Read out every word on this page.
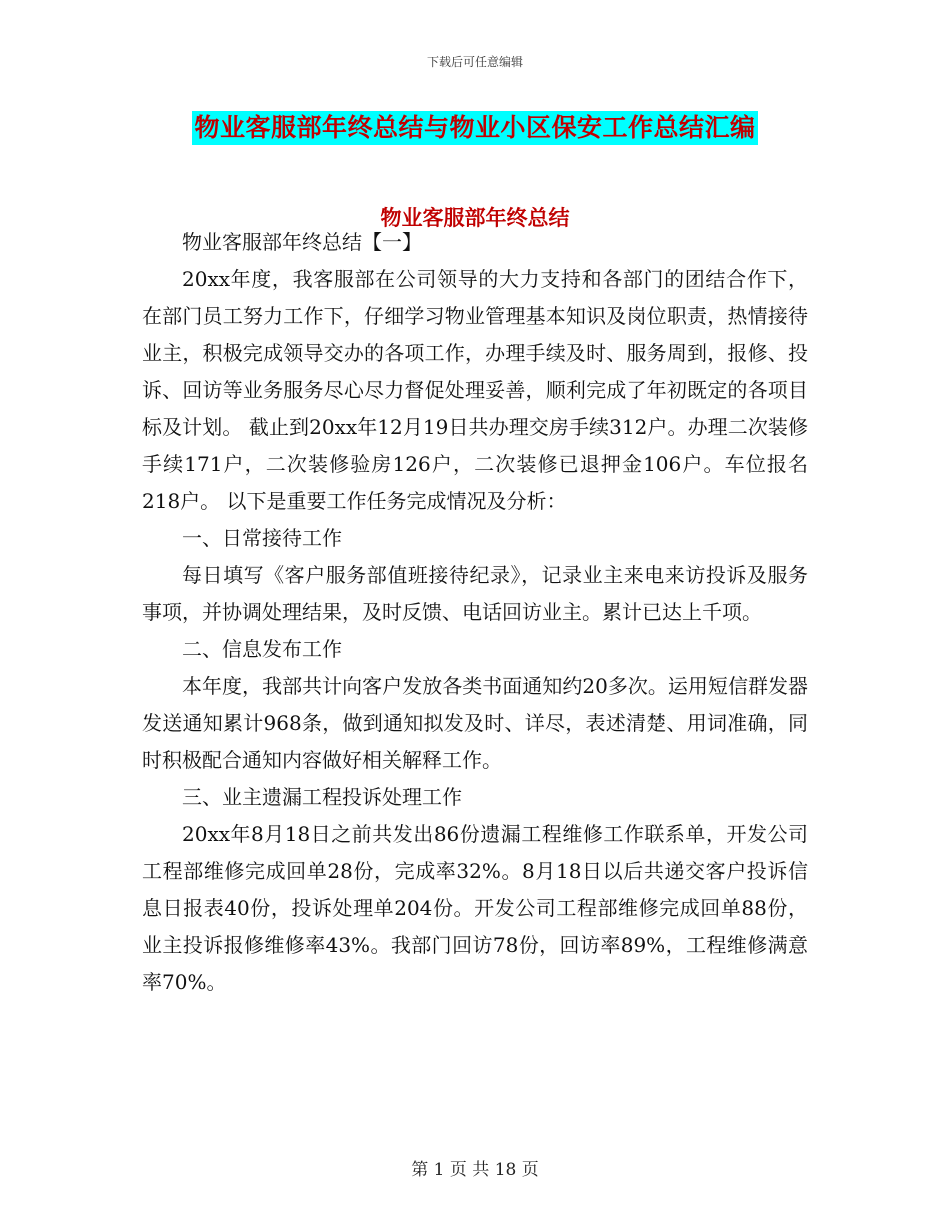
下载后可任意编辑
物业客服部年终总结与物业小区保安工作总结汇编
物业客服部年终总结

物业客服部年终总结【一】

20xx年度，我客服部在公司领导的大力支持和各部门的团结合作下，在部门员工努力工作下，仔细学习物业管理基本知识及岗位职责，热情接待业主，积极完成领导交办的各项工作，办理手续及时、服务周到，报修、投诉、回访等业务服务尽心尽力督促处理妥善，顺利完成了年初既定的各项目标及计划。 截止到20xx年12月19日共办理交房手续312户。办理二次装修手续171户，二次装修验房126户，二次装修已退押金106户。车位报名218户。 以下是重要工作任务完成情况及分析：

一、日常接待工作

每日填写《客户服务部值班接待纪录》，记录业主来电来访投诉及服务事项，并协调处理结果，及时反馈、电话回访业主。累计已达上千项。

二、信息发布工作

本年度，我部共计向客户发放各类书面通知约20多次。运用短信群发器发送通知累计968条，做到通知拟发及时、详尽，表述清楚、用词准确，同时积极配合通知内容做好相关解释工作。

三、业主遗漏工程投诉处理工作

20xx年8月18日之前共发出86份遗漏工程维修工作联系单，开发公司工程部维修完成回单28份，完成率32%。8月18日以后共递交客户投诉信息日报表40份，投诉处理单204份。开发公司工程部维修完成回单88份，业主投诉报修维修率43%。我部门回访78份，回访率89%，工程维修满意率70%。

第 1 页 共 18 页
